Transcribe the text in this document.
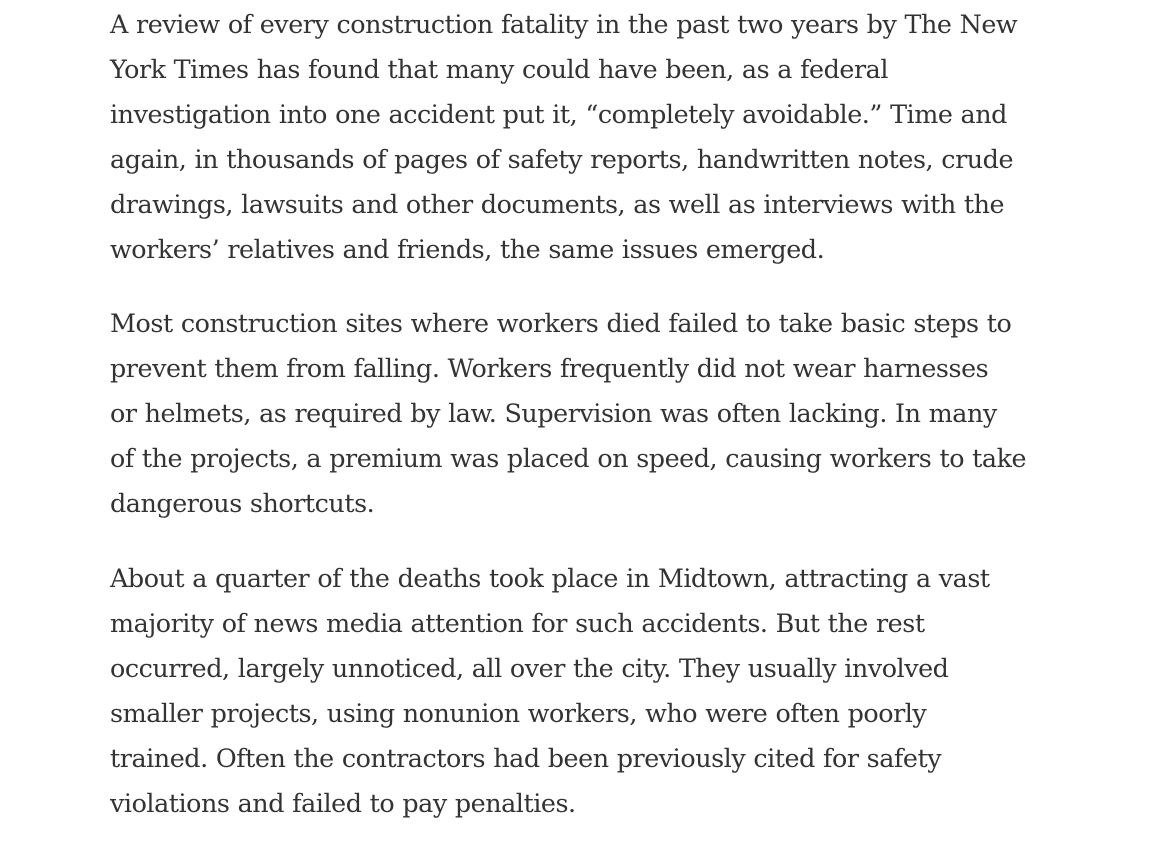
A review of every construction fatality in the past two years by The New
York Times has found that many could have been, as a federal
investigation into one accident put it, “completely avoidable.” Time and
again, in thousands of pages of safety reports, handwritten notes, crude
drawings, lawsuits and other documents, as well as interviews with the
workers’ relatives and friends, the same issues emerged.

Most construction sites where workers died failed to take basic steps to
prevent them from falling. Workers frequently did not wear harnesses
or helmets, as required by law. Supervision was often lacking. In many
of the projects, a premium was placed on speed, causing workers to take
dangerous shortcuts.

About a quarter of the deaths took place in Midtown, attracting a vast
majority of news media attention for such accidents. But the rest
occurred, largely unnoticed, all over the city. They usually involved
smaller projects, using nonunion workers, who were often poorly
trained. Often the contractors had been previously cited for safety
violations and failed to pay penalties.
